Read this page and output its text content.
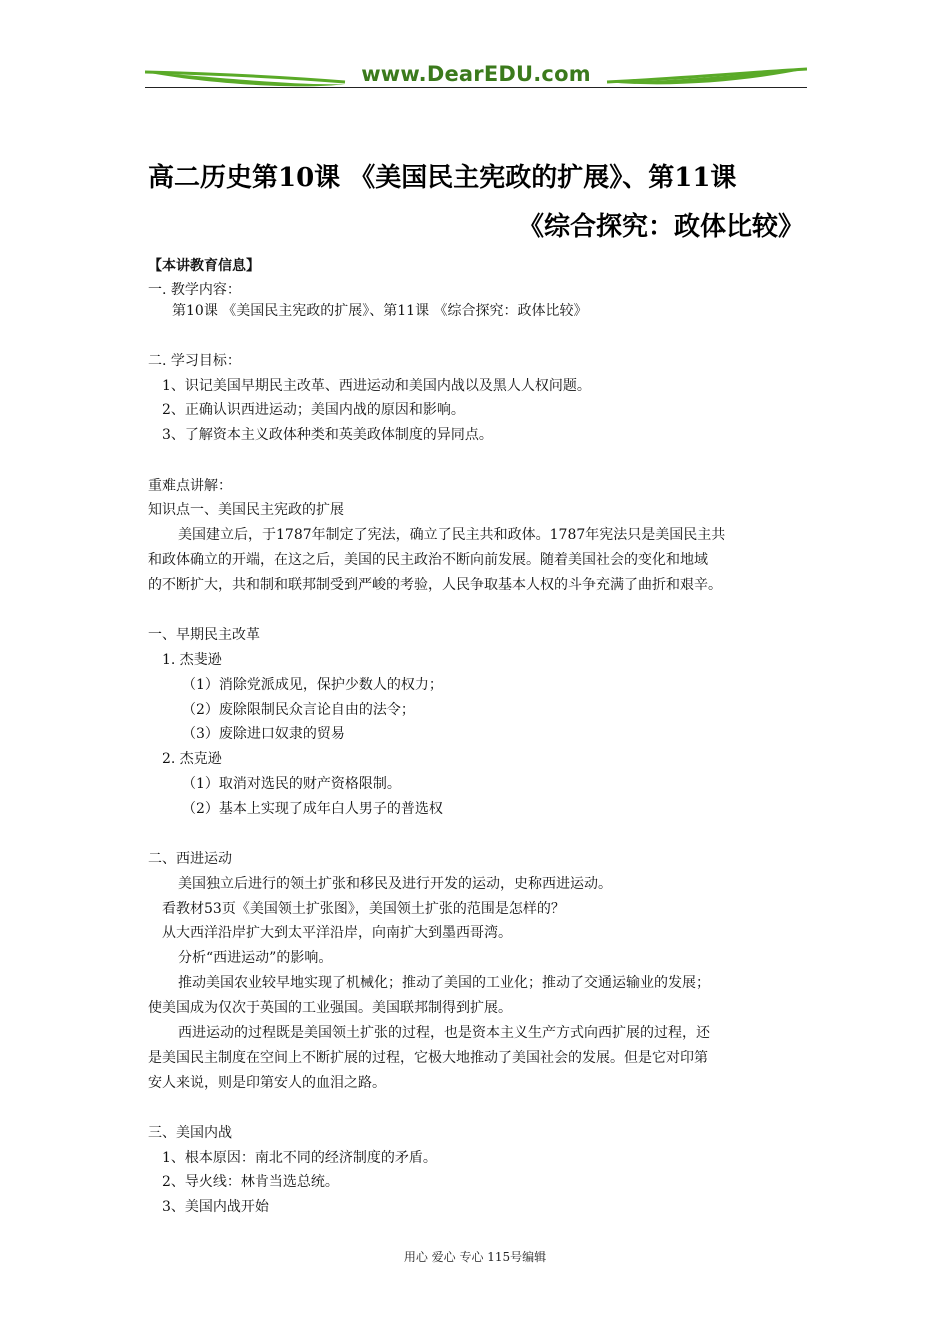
www.DearEDU.com
高二历史第10课 《美国民主宪政的扩展》、第11课
《综合探究：政体比较》
【本讲教育信息】
一. 教学内容：
第10课 《美国民主宪政的扩展》、第11课 《综合探究：政体比较》
二. 学习目标：
1、识记美国早期民主改革、西进运动和美国内战以及黑人人权问题。
2、正确认识西进运动；美国内战的原因和影响。
3、了解资本主义政体种类和英美政体制度的异同点。
重难点讲解：
知识点一、美国民主宪政的扩展
美国建立后，于1787年制定了宪法，确立了民主共和政体。1787年宪法只是美国民主共
和政体确立的开端，在这之后，美国的民主政治不断向前发展。随着美国社会的变化和地域
的不断扩大，共和制和联邦制受到严峻的考验，人民争取基本人权的斗争充满了曲折和艰辛。
一、早期民主改革
1. 杰斐逊
（1）消除党派成见，保护少数人的权力；
（2）废除限制民众言论自由的法令；
（3）废除进口奴隶的贸易
2. 杰克逊
（1）取消对选民的财产资格限制。
（2）基本上实现了成年白人男子的普选权
二、西进运动
美国独立后进行的领土扩张和移民及进行开发的运动，史称西进运动。
看教材53页《美国领土扩张图》，美国领土扩张的范围是怎样的？
从大西洋沿岸扩大到太平洋沿岸，向南扩大到墨西哥湾。
分析“西进运动”的影响。
推动美国农业较早地实现了机械化；推动了美国的工业化；推动了交通运输业的发展；
使美国成为仅次于英国的工业强国。美国联邦制得到扩展。
西进运动的过程既是美国领土扩张的过程，也是资本主义生产方式向西扩展的过程，还
是美国民主制度在空间上不断扩展的过程，它极大地推动了美国社会的发展。但是它对印第
安人来说，则是印第安人的血泪之路。
三、美国内战
1、根本原因：南北不同的经济制度的矛盾。
2、导火线：林肯当选总统。
3、美国内战开始
用心 爱心 专心 115号编辑
